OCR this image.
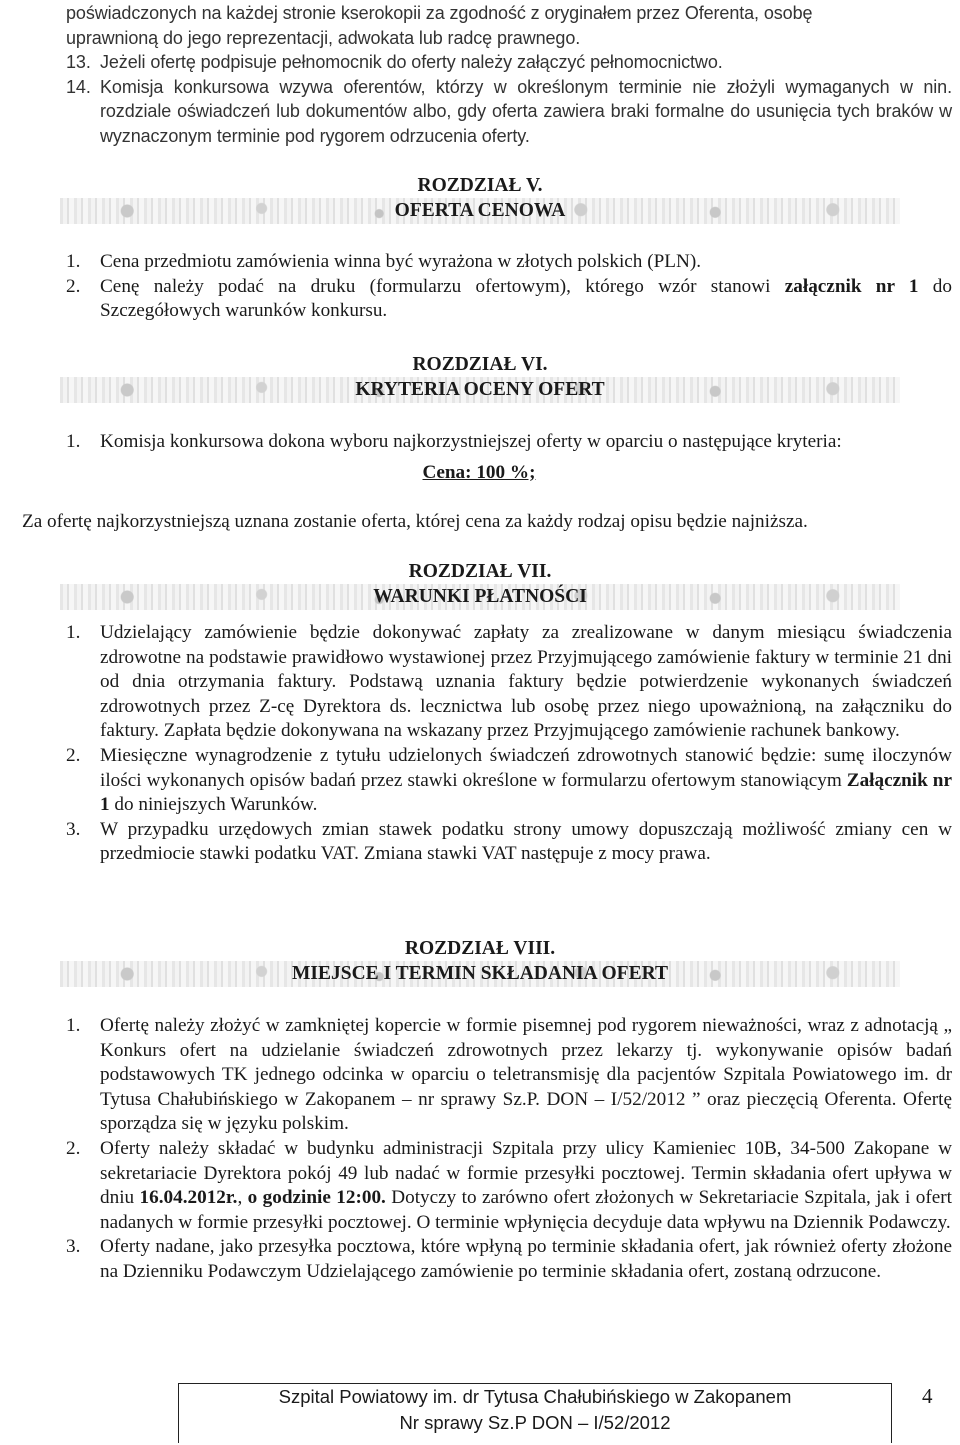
poświadczonych na każdej stronie kserokopii za zgodność z oryginałem przez Oferenta, osobę
uprawnioną do jego reprezentacji, adwokata lub radcę prawnego.
13. Jeżeli ofertę podpisuje pełnomocnik do oferty należy załączyć pełnomocnictwo.
14. Komisja konkursowa wzywa oferentów, którzy w określonym terminie nie złożyli wymaganych w nin. rozdziale oświadczeń lub dokumentów albo, gdy oferta zawiera braki formalne do usunięcia tych braków w wyznaczonym terminie pod rygorem odrzucenia oferty.
ROZDZIAŁ V.
OFERTA CENOWA
1.	Cena przedmiotu zamówienia winna być wyrażona w złotych polskich (PLN).
2.	Cenę należy podać na druku (formularzu ofertowym), którego wzór stanowi załącznik nr 1 do Szczegółowych warunków konkursu.
ROZDZIAŁ VI.
KRYTERIA OCENY OFERT
1.	Komisja konkursowa dokona wyboru najkorzystniejszej oferty w oparciu o następujące kryteria:
Cena: 100 %;
Za ofertę najkorzystniejszą uznana zostanie oferta, której cena za każdy rodzaj opisu będzie najniższa.
ROZDZIAŁ VII.
WARUNKI PŁATNOŚCI
1.	Udzielający zamówienie będzie dokonywać zapłaty za zrealizowane w danym miesiącu świadczenia zdrowotne na podstawie prawidłowo wystawionej przez Przyjmującego zamówienie faktury w terminie 21 dni od dnia otrzymania faktury. Podstawą uznania faktury będzie potwierdzenie wykonanych świadczeń zdrowotnych przez Z-cę Dyrektora ds. lecznictwa lub osobę przez niego upoważnioną, na załączniku do faktury. Zapłata będzie dokonywana na wskazany przez Przyjmującego zamówienie rachunek bankowy.
2.	Miesięczne wynagrodzenie z tytułu udzielonych świadczeń zdrowotnych stanowić będzie: sumę iloczynów ilości wykonanych opisów badań przez stawki określone w formularzu ofertowym stanowiącym Załącznik nr 1 do niniejszych Warunków.
3.	W przypadku urzędowych zmian stawek podatku strony umowy dopuszczają możliwość zmiany cen w przedmiocie stawki podatku VAT. Zmiana stawki VAT następuje z mocy prawa.
ROZDZIAŁ VIII.
MIEJSCE I TERMIN SKŁADANIA OFERT
1.	Ofertę należy złożyć w zamkniętej kopercie w formie pisemnej pod rygorem nieważności, wraz z adnotacją „ Konkurs ofert na udzielanie świadczeń zdrowotnych przez lekarzy tj. wykonywanie opisów badań podstawowych TK jednego odcinka w oparciu o teletransmisję dla pacjentów Szpitala Powiatowego im. dr Tytusa Chałubińskiego w Zakopanem – nr sprawy Sz.P. DON – I/52/2012 ” oraz pieczęcią Oferenta. Ofertę sporządza się w języku polskim.
2.	Oferty należy składać w budynku administracji Szpitala przy ulicy Kamieniec 10B, 34-500 Zakopane w sekretariacie Dyrektora pokój 49 lub nadać w formie przesyłki pocztowej. Termin składania ofert upływa w dniu 16.04.2012r., o godzinie 12:00. Dotyczy to zarówno ofert złożonych w Sekretariacie Szpitala, jak i ofert nadanych w formie przesyłki pocztowej. O terminie wpłynięcia decyduje data wpływu na Dziennik Podawczy.
3.	Oferty nadane, jako przesyłka pocztowa, które wpłyną po terminie składania ofert, jak również oferty złożone na Dzienniku Podawczym Udzielającego zamówienie po terminie składania ofert, zostaną odrzucone.
Szpital Powiatowy im. dr Tytusa Chałubińskiego w Zakopanem
Nr sprawy Sz.P DON – I/52/2012
4
